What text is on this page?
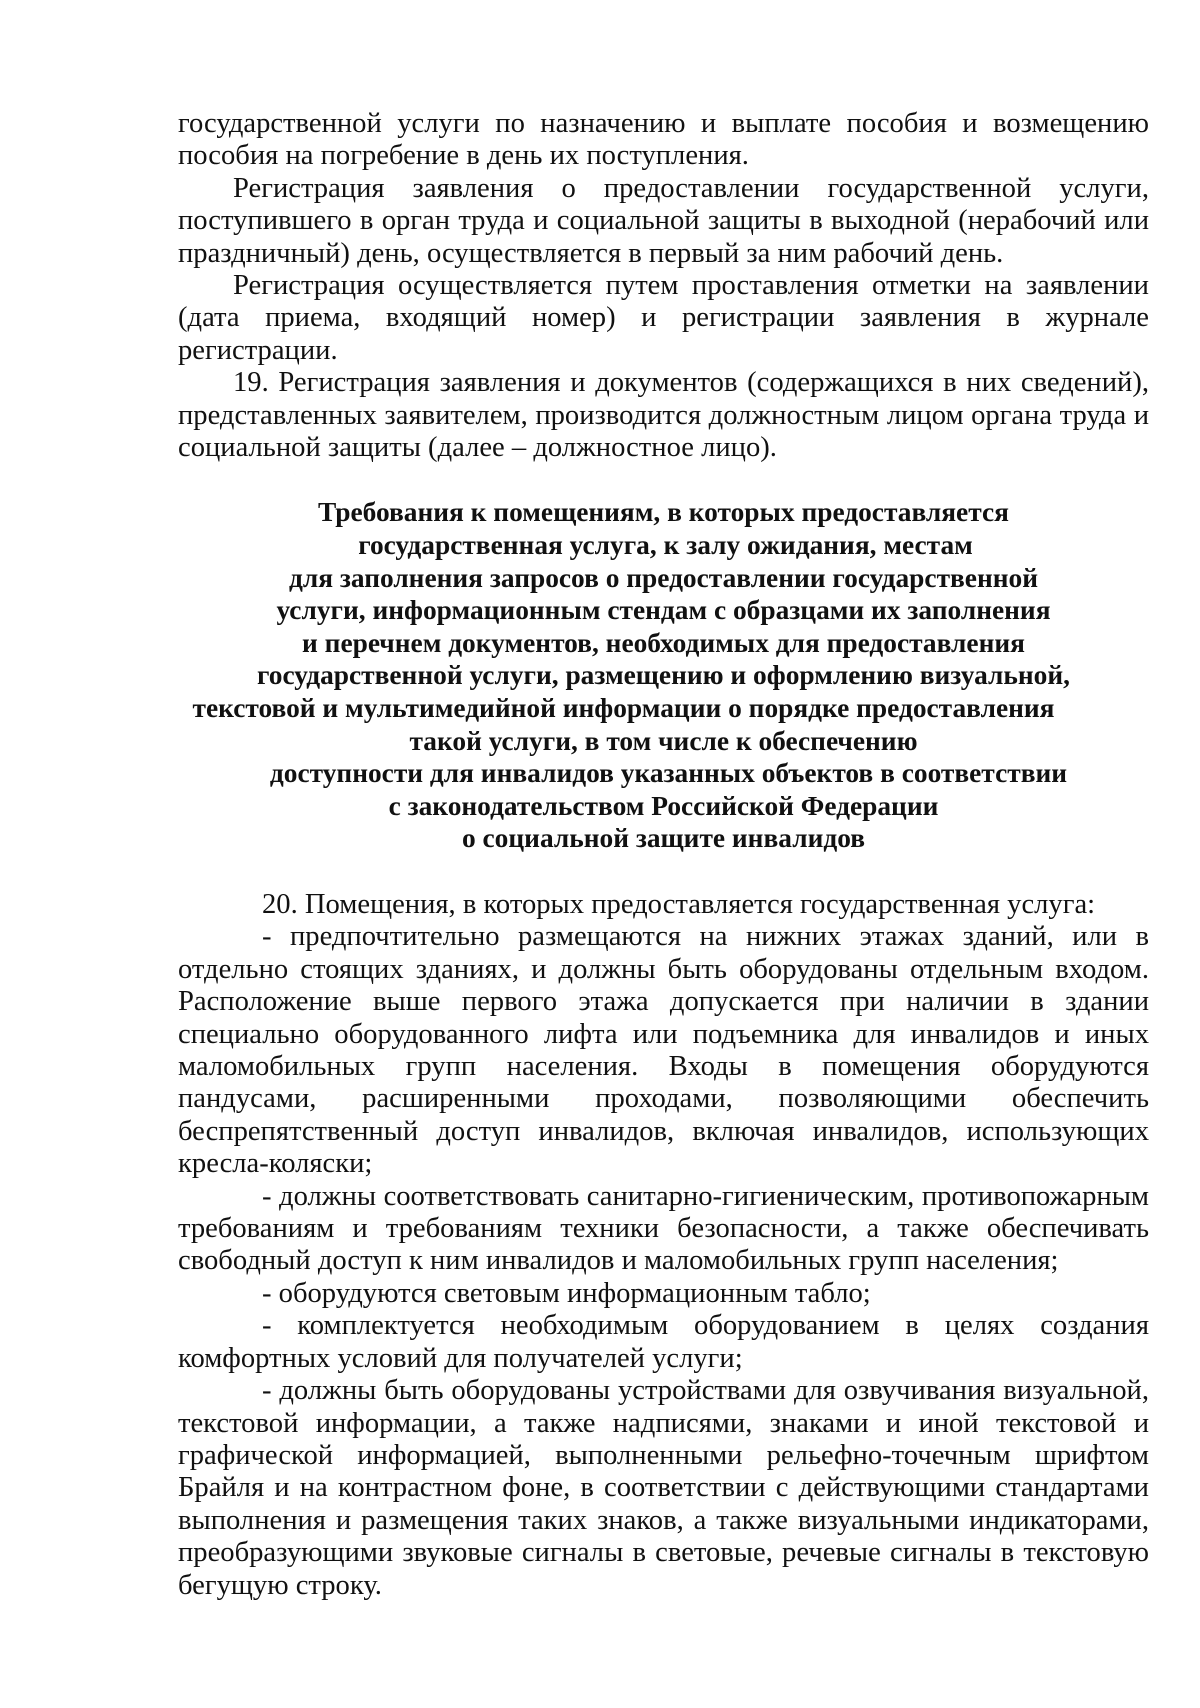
государственной услуги по назначению и выплате пособия и возмещению пособия на погребение в день их поступления.

Регистрация заявления о предоставлении государственной услуги, поступившего в орган труда и социальной защиты в выходной (нерабочий или праздничный) день, осуществляется в первый за ним рабочий день.

Регистрация осуществляется путем проставления отметки на заявлении (дата приема, входящий номер) и регистрации заявления в журнале регистрации.

19. Регистрация заявления и документов (содержащихся в них сведений), представленных заявителем, производится должностным лицом органа труда и социальной защиты (далее – должностное лицо).

Требования к помещениям, в которых предоставляется
государственная услуга, к залу ожидания, местам
для заполнения запросов о предоставлении государственной
услуги, информационным стендам с образцами их заполнения
и перечнем документов, необходимых для предоставления
государственной услуги, размещению и оформлению визуальной,
текстовой и мультимедийной информации о порядке предоставления
такой услуги, в том числе к обеспечению
доступности для инвалидов указанных объектов в соответствии
с законодательством Российской Федерации
о социальной защите инвалидов

20. Помещения, в которых предоставляется государственная услуга:

- предпочтительно размещаются на нижних этажах зданий, или в отдельно стоящих зданиях, и должны быть оборудованы отдельным входом. Расположение выше первого этажа допускается при наличии в здании специально оборудованного лифта или подъемника для инвалидов и иных маломобильных групп населения. Входы в помещения оборудуются пандусами, расширенными проходами, позволяющими обеспечить беспрепятственный доступ инвалидов, включая инвалидов, использующих кресла-коляски;

- должны соответствовать санитарно-гигиеническим, противопожарным требованиям и требованиям техники безопасности, а также обеспечивать свободный доступ к ним инвалидов и маломобильных групп населения;

- оборудуются световым информационным табло;

- комплектуется необходимым оборудованием в целях создания комфортных условий для получателей услуги;

- должны быть оборудованы устройствами для озвучивания визуальной, текстовой информации, а также надписями, знаками и иной текстовой и графической информацией, выполненными рельефно-точечным шрифтом Брайля и на контрастном фоне, в соответствии с действующими стандартами выполнения и размещения таких знаков, а также визуальными индикаторами, преобразующими звуковые сигналы в световые, речевые сигналы в текстовую бегущую строку.
